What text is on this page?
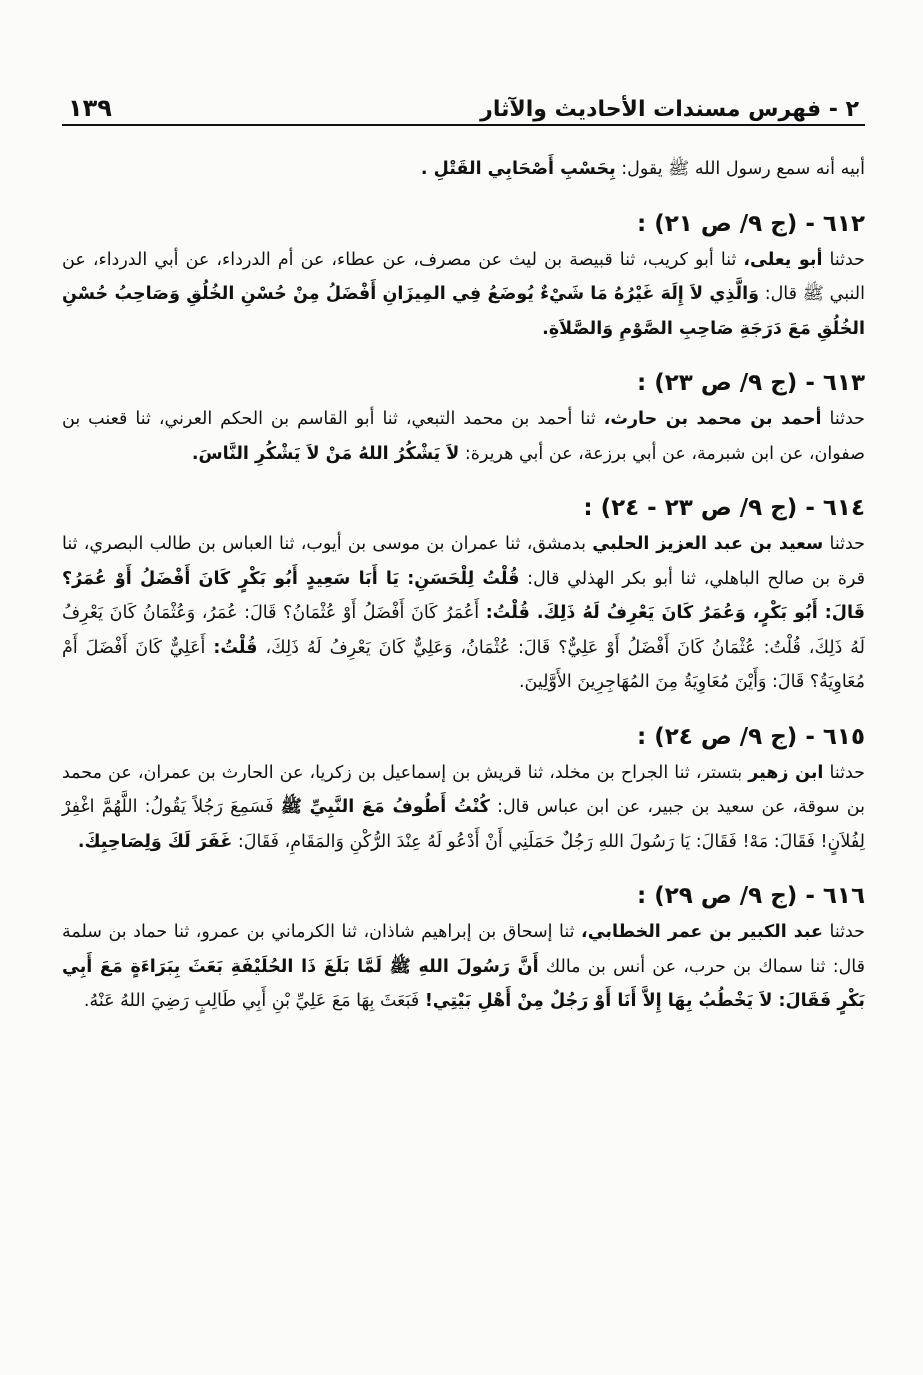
٢ - فهرس مسندات الأحاديث والآثار
١٣٩

أبيه أنه سمع رسول الله ﷺ يقول: بِحَسْبِ أَصْحَابِي القَتْلِ .

٦١٢ - (ج ٩/ ص ٢١) :

حدثنا أبو يعلى، ثنا أبو كريب، ثنا قبيصة بن ليث عن مصرف، عن عطاء، عن أم الدرداء، عن أبي الدرداء، عن النبي ﷺ قال: وَالَّذِي لاَ إِلَهَ غَيْرُهُ مَا شَيْءٌ يُوضَعُ فِي المِيزَانِ أَفْضَلُ مِنْ حُسْنِ الخُلُقِ وَصَاحِبُ حُسْنِ الخُلُقِ مَعَ دَرَجَةِ صَاحِبِ الصَّوْمِ وَالصَّلاَةِ.

٦١٣ - (ج ٩/ ص ٢٣) :

حدثنا أحمد بن محمد بن حارث، ثنا أحمد بن محمد التبعي، ثنا أبو القاسم بن الحكم العرني، ثنا قعنب بن صفوان، عن ابن شبرمة، عن أبي برزعة، عن أبي هريرة: لاَ يَشْكُرُ اللهُ مَنْ لاَ يَشْكُرِ النَّاسَ.

٦١٤ - (ج ٩/ ص ٢٣ - ٢٤) :

حدثنا سعيد بن عبد العزيز الحلبي بدمشق، ثنا عمران بن موسى بن أيوب، ثنا العباس بن طالب البصري، ثنا قرة بن صالح الباهلي، ثنا أبو بكر الهذلي قال: قُلْتُ لِلْحَسَنِ: يَا أَبَا سَعِيدٍ أَبُو بَكْرٍ كَانَ أَفْضَلُ أَوْ عُمَرُ؟ قَالَ: أَبُو بَكْرٍ، وَعُمَرُ كَانَ يَعْرِفُ لَهُ ذَلِكَ. قُلْتُ: أَعُمَرُ كَانَ أَفْضَلُ أَوْ عُثْمَانُ؟ قَالَ: عُمَرُ، وَعُثْمَانُ كَانَ يَعْرِفُ لَهُ ذَلِكَ، قُلْتُ: عُثْمَانُ كَانَ أَفْضَلُ أَوْ عَلِيٌّ؟ قَالَ: عُثْمَانُ، وَعَلِيٌّ كَانَ يَعْرِفُ لَهُ ذَلِكَ، قُلْتُ: أَعَلِيٌّ كَانَ أَفْضَلَ أَمْ مُعَاوِيَةُ؟ قَالَ: وَأَيْنَ مُعَاوِيَةُ مِنَ المُهَاجِرِينَ الأَوَّلِينَ.

٦١٥ - (ج ٩/ ص ٢٤) :

حدثنا ابن زهير بتستر، ثنا الجراح بن مخلد، ثنا قريش بن إسماعيل بن زكريا، عن الحارث بن عمران، عن محمد بن سوقة، عن سعيد بن جبير، عن ابن عباس قال: كُنْتُ أَطُوفُ مَعَ النَّبِيِّ ﷺ فَسَمِعَ رَجُلاً يَقُولُ: اللَّهُمَّ اغْفِرْ لِفُلاَنٍ! فَقَالَ: مَهْ! فَقَالَ: يَا رَسُولَ اللهِ رَجُلٌ حَمَلَنِي أَنْ أَدْعُو لَهُ عِنْدَ الرُّكْنِ وَالمَقَامِ، فَقَالَ: غَفَرَ لَكَ وَلِصَاحِبِكَ.

٦١٦ - (ج ٩/ ص ٢٩) :

حدثنا عبد الكبير بن عمر الخطابي، ثنا إسحاق بن إبراهيم شاذان، ثنا الكرماني بن عمرو، ثنا حماد بن سلمة قال: ثنا سماك بن حرب، عن أنس بن مالك أَنَّ رَسُولَ اللهِ ﷺ لَمَّا بَلَغَ ذَا الحُلَيْفَةِ بَعَثَ بِبَرَاءَةٍ مَعَ أَبِي بَكْرٍ فَقَالَ: لاَ يَخْطُبُ بِهَا إِلاَّ أَنَا أَوْ رَجُلٌ مِنْ أَهْلِ بَيْتِي! فَبَعَثَ بِهَا مَعَ عَلِيِّ بْنِ أَبِي طَالِبٍ رَضِيَ اللهُ عَنْهُ.
